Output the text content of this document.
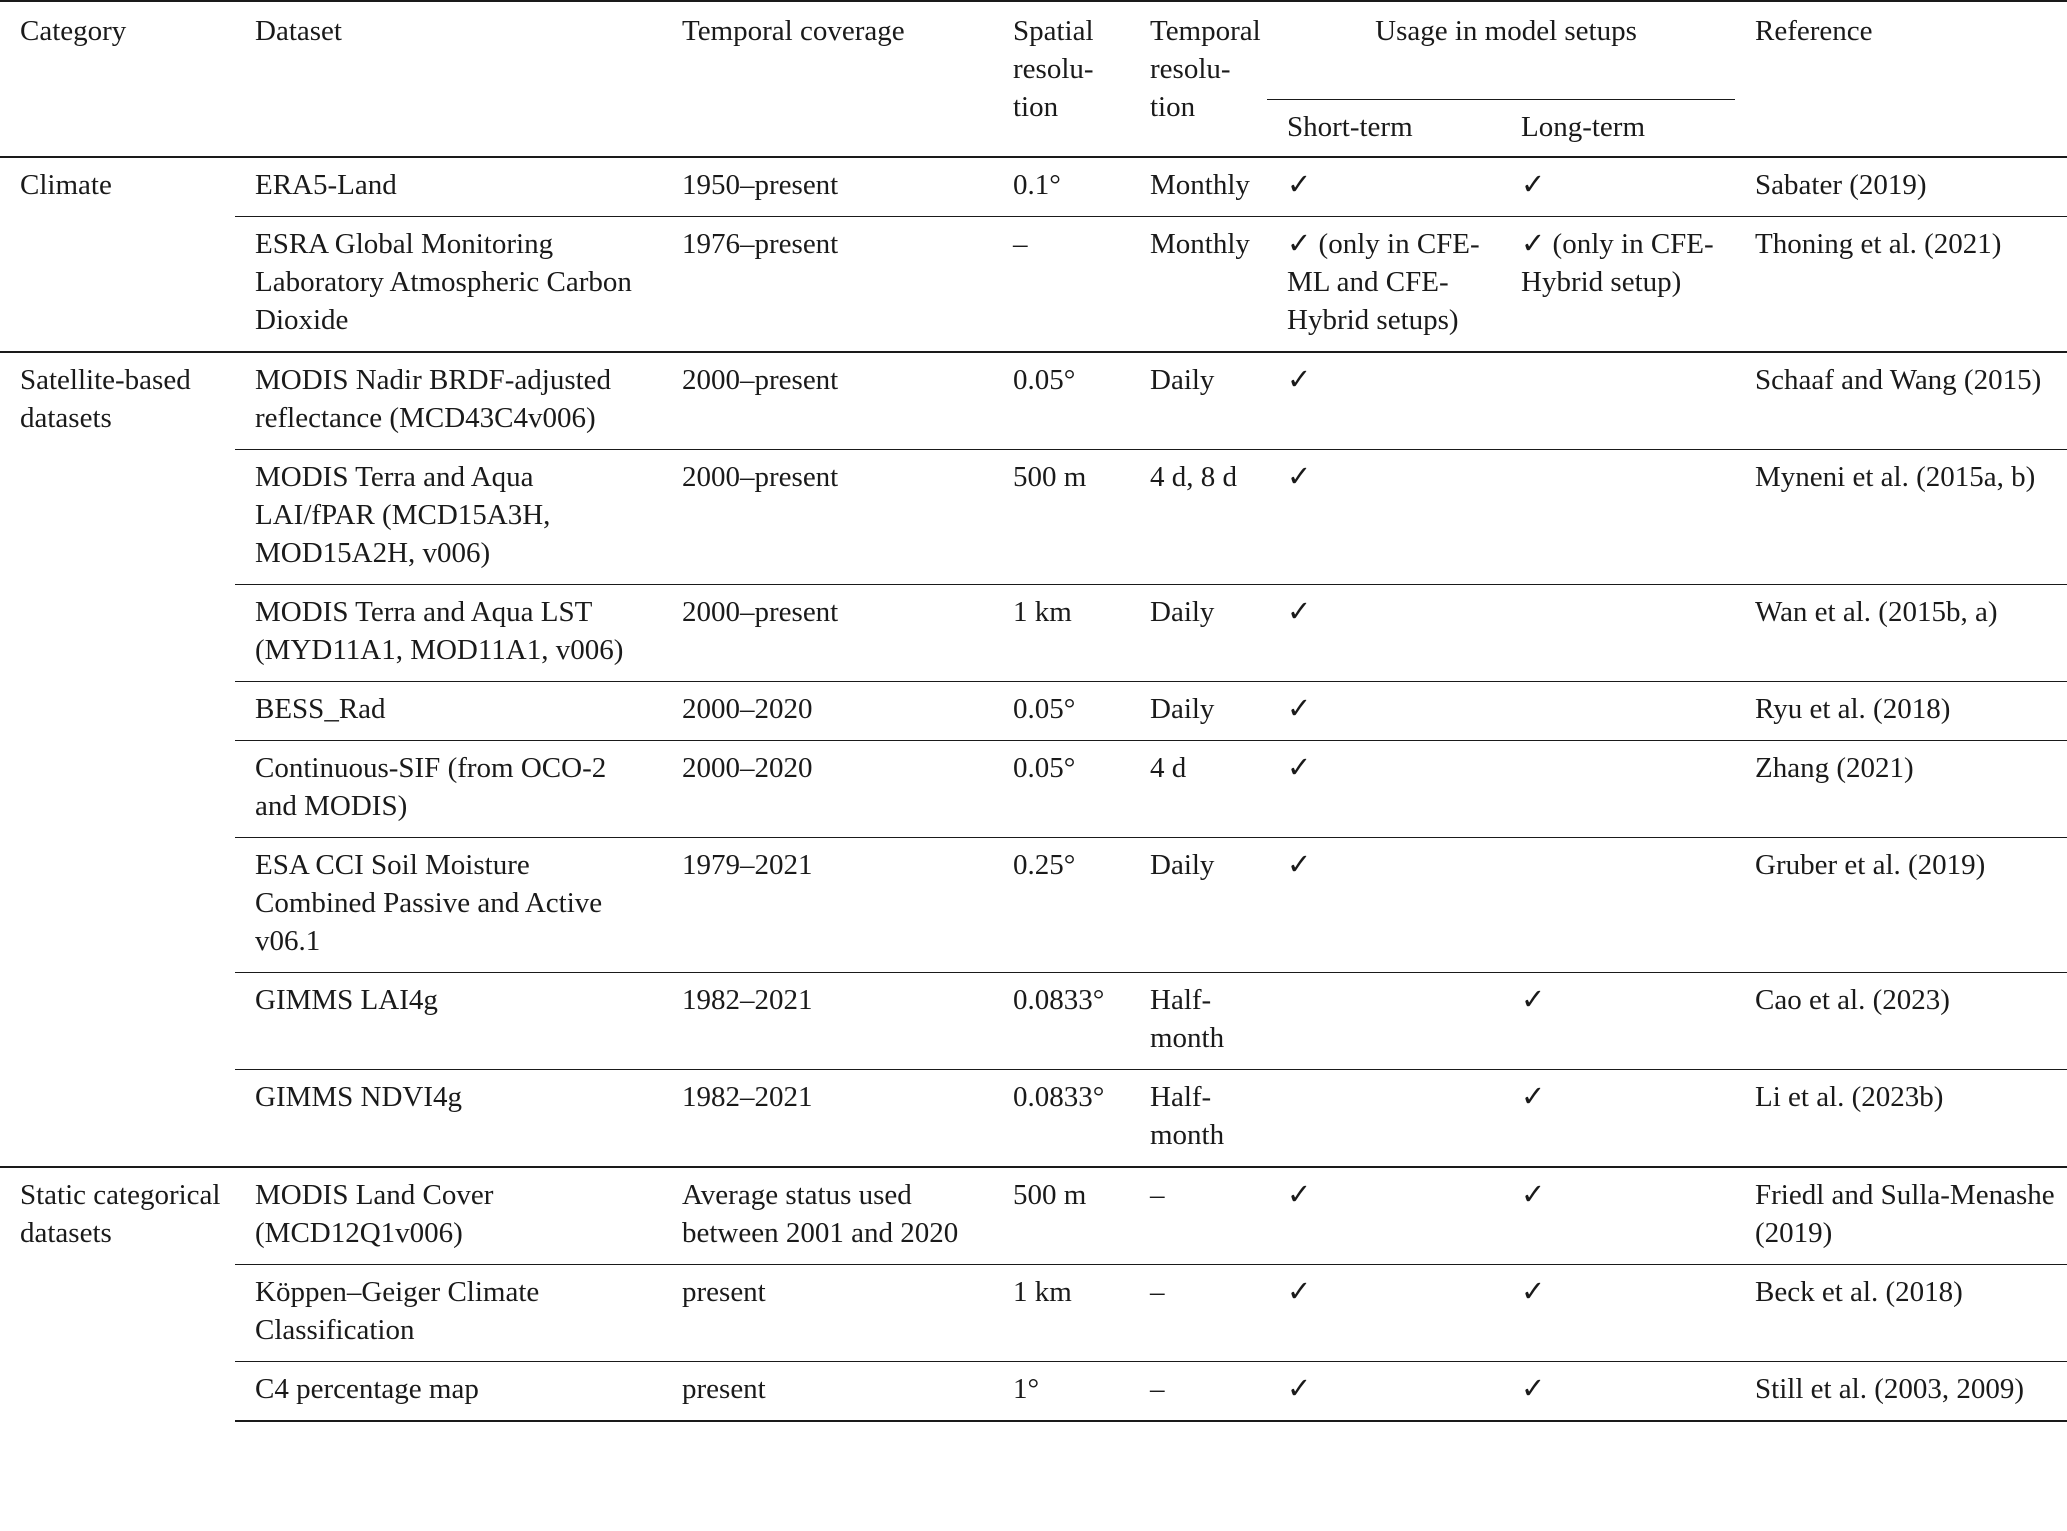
Category	Dataset	Temporal coverage	Spatial resolu- tion	Temporal resolu- tion	Usage in model setups		Reference
					Short-term	Long-term	
Climate	ERA5-Land	1950–present	0.1°	Monthly	✓	✓	Sabater (2019)
	ESRA Global Monitoring Laboratory Atmospheric Carbon Dioxide	1976–present	–	Monthly	✓ (only in CFE-ML and CFE-Hybrid setups)	✓ (only in CFE-Hybrid setup)	Thoning et al. (2021)
Satellite-based datasets	MODIS Nadir BRDF-adjusted reflectance (MCD43C4v006)	2000–present	0.05°	Daily	✓		Schaaf and Wang (2015)
	MODIS Terra and Aqua LAI/fPAR (MCD15A3H, MOD15A2H, v006)	2000–present	500 m	4 d, 8 d	✓		Myneni et al. (2015a, b)
	MODIS Terra and Aqua LST (MYD11A1, MOD11A1, v006)	2000–present	1 km	Daily	✓		Wan et al. (2015b, a)
	BESS_Rad	2000–2020	0.05°	Daily	✓		Ryu et al. (2018)
	Continuous-SIF (from OCO-2 and MODIS)	2000–2020	0.05°	4 d	✓		Zhang (2021)
	ESA CCI Soil Moisture Combined Passive and Active v06.1	1979–2021	0.25°	Daily	✓		Gruber et al. (2019)
	GIMMS LAI4g	1982–2021	0.0833°	Half-month		✓	Cao et al. (2023)
	GIMMS NDVI4g	1982–2021	0.0833°	Half-month		✓	Li et al. (2023b)
Static categorical datasets	MODIS Land Cover (MCD12Q1v006)	Average status used between 2001 and 2020	500 m	–	✓	✓	Friedl and Sulla-Menashe (2019)
	Köppen–Geiger Climate Classification	present	1 km	–	✓	✓	Beck et al. (2018)
	C4 percentage map	present	1°	–	✓	✓	Still et al. (2003, 2009)
